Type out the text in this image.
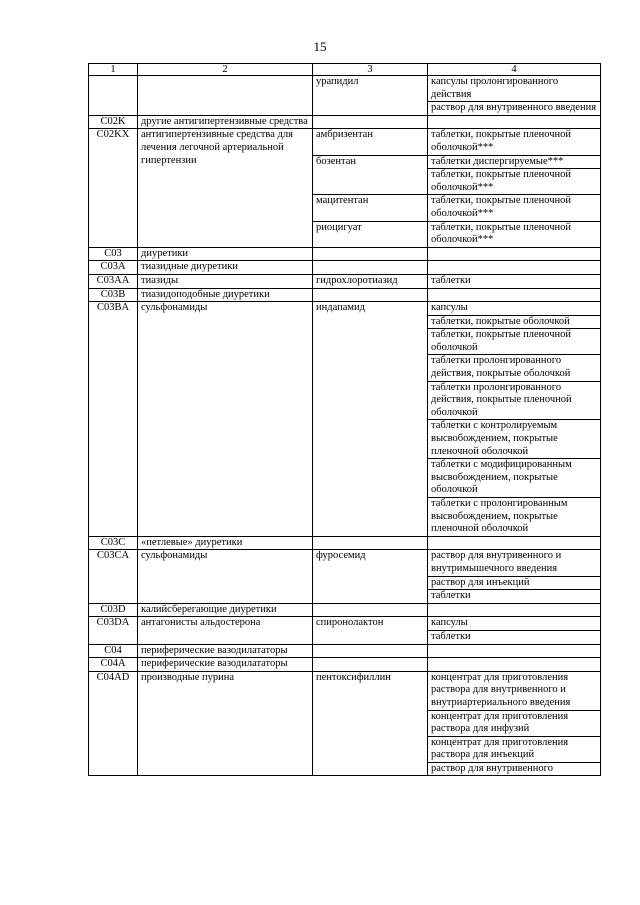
15
1	2	3	4
		урапидил	капсулы пролонгированного действия
			раствор для внутривенного введения
C02K	другие антигипертензивные средства		
C02KX	антигипертензивные средства для лечения легочной артериальной гипертензии	амбризентан	таблетки, покрытые пленочной оболочкой***
		бозентан	таблетки диспергируемые***
			таблетки, покрытые пленочной оболочкой***
		мацитентан	таблетки, покрытые пленочной оболочкой***
		риоцигуат	таблетки, покрытые пленочной оболочкой***
C03	диуретики		
C03A	тиазидные диуретики		
C03AA	тиазиды	гидрохлоротиазид	таблетки
C03B	тиазидоподобные диуретики		
C03BA	сульфонамиды	индапамид	капсулы
			таблетки, покрытые оболочкой
			таблетки, покрытые пленочной оболочкой
			таблетки пролонгированного действия, покрытые оболочкой
			таблетки пролонгированного действия, покрытые пленочной оболочкой
			таблетки с контролируемым высвобождением, покрытые пленочной оболочкой
			таблетки с модифицированным высвобождением, покрытые оболочкой
			таблетки с пролонгированным высвобождением, покрытые пленочной оболочкой
C03C	«петлевые» диуретики		
C03CA	сульфонамиды	фуросемид	раствор для внутривенного и внутримышечного введения
			раствор для инъекций
			таблетки
C03D	калийсберегающие диуретики		
C03DA	антагонисты альдостерона	спиронолактон	капсулы
			таблетки
C04	периферические вазодилататоры		
C04A	периферические вазодилататоры		
C04AD	производные пурина	пентоксифиллин	концентрат для приготовления раствора для внутривенного и внутриартериального введения
			концентрат для приготовления раствора для инфузий
			концентрат для приготовления раствора для инъекций
			раствор для внутривенного
